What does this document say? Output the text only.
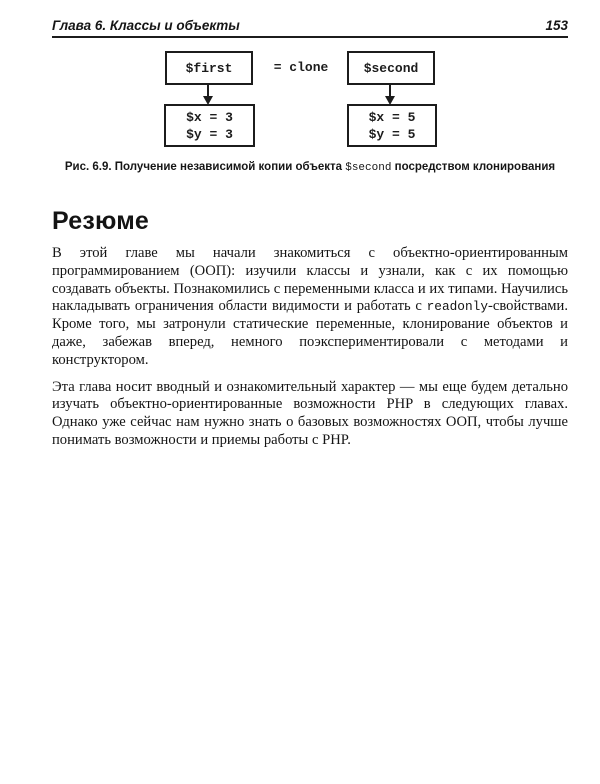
Глава 6. Классы и объекты	153
$first	= clone	$second
$x = 3
$y = 3
$x = 5
$y = 5
Рис. 6.9. Получение независимой копии объекта $second посредством клонирования
Резюме

В этой главе мы начали знакомиться с объектно-ориентированным программированием (ООП): изучили классы и узнали, как с их помощью создавать объекты. Познакомились с переменными класса и их типами. Научились накладывать ограничения области видимости и работать с readonly-свойствами. Кроме того, мы затронули статические переменные, клонирование объектов и даже, забежав вперед, немного поэкспериментировали с методами и конструктором.

Эта глава носит вводный и ознакомительный характер — мы еще будем детально изучать объектно-ориентированные возможности PHP в следующих главах. Однако уже сейчас нам нужно знать о базовых возможностях ООП, чтобы лучше понимать возможности и приемы работы с PHP.
